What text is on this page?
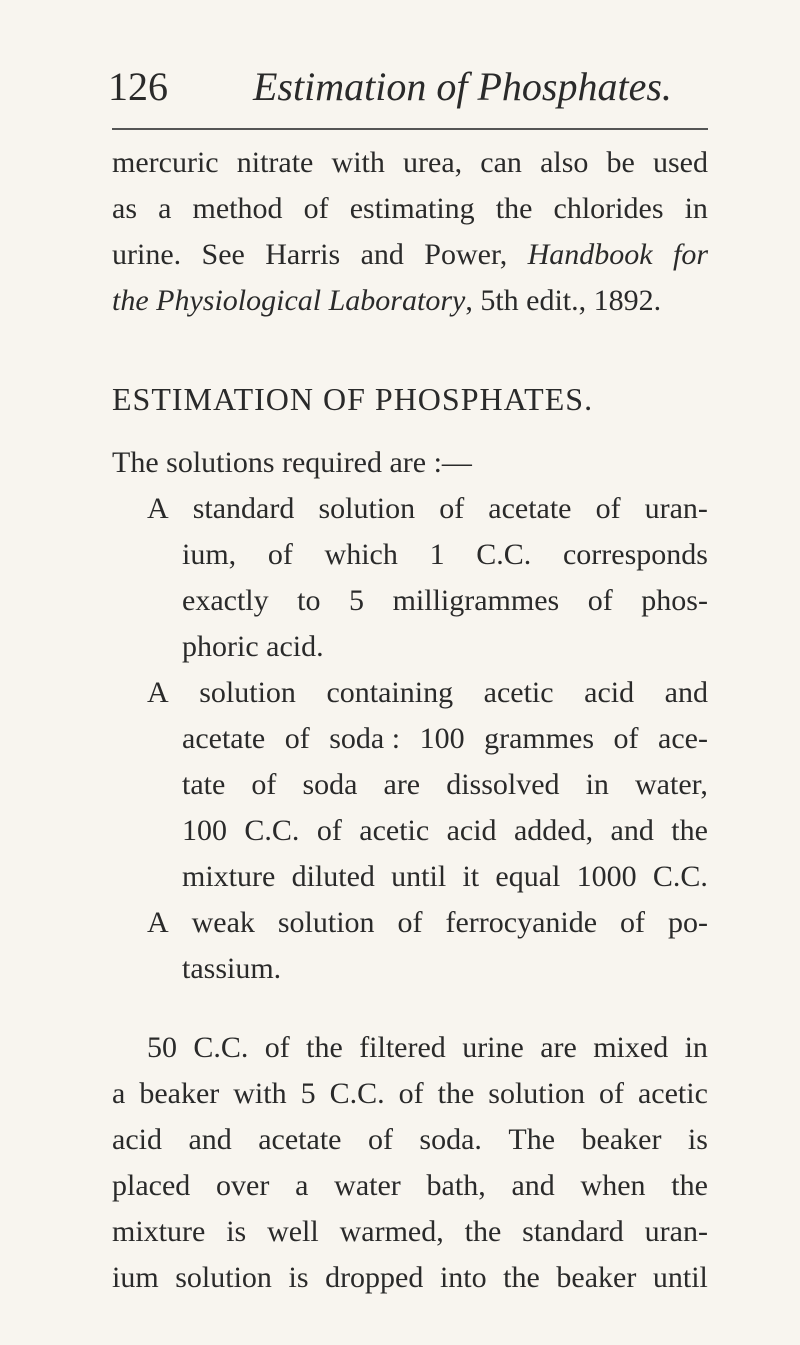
126 Estimation of Phosphates.
mercuric nitrate with urea, can also be used
as a method of estimating the chlorides in
urine. See Harris and Power, Handbook for
the Physiological Laboratory, 5th edit., 1892.
ESTIMATION OF PHOSPHATES.
The solutions required are :—
A standard solution of acetate of uran-
ium, of which 1 C.C. corresponds
exactly to 5 milligrammes of phos-
phoric acid.
A solution containing acetic acid and
acetate of soda : 100 grammes of ace-
tate of soda are dissolved in water,
100 C.C. of acetic acid added, and the
mixture diluted until it equal 1000 C.C.
A weak solution of ferrocyanide of po-
tassium.
50 C.C. of the filtered urine are mixed in
a beaker with 5 C.C. of the solution of acetic
acid and acetate of soda. The beaker is
placed over a water bath, and when the
mixture is well warmed, the standard uran-
ium solution is dropped into the beaker until
